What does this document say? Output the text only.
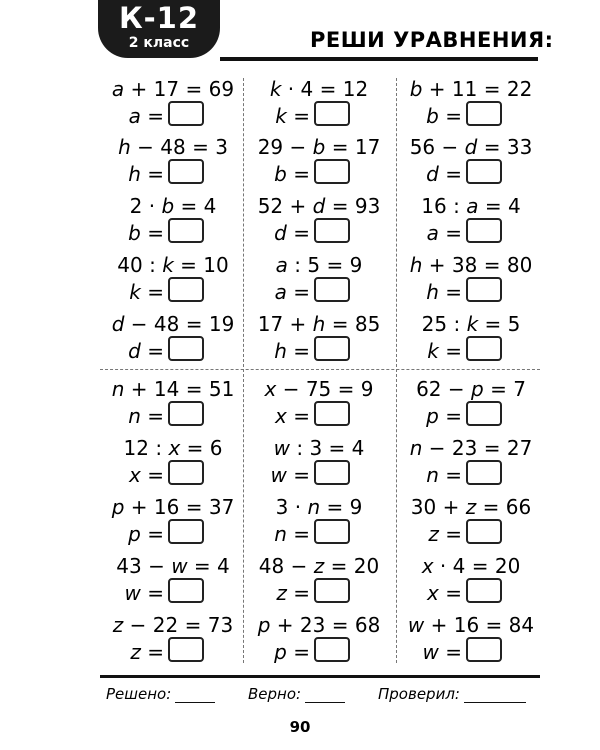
К-12
2 класс	РЕШИ УРАВНЕНИЯ:
a + 17 = 69
a =
h − 48 = 3
h =
2 · b = 4
b =
40 : k = 10
k =
d − 48 = 19
d =
n + 14 = 51
n =
12 : x = 6
x =
p + 16 = 37
p =
43 − w = 4
w =
z − 22 = 73
z =
k · 4 = 12
k =
29 − b = 17
b =
52 + d = 93
d =
a : 5 = 9
a =
17 + h = 85
h =
x − 75 = 9
x =
w : 3 = 4
w =
3 · n = 9
n =
48 − z = 20
z =
p + 23 = 68
p =
b + 11 = 22
b =
56 − d = 33
d =
16 : a = 4
a =
h + 38 = 80
h =
25 : k = 5
k =
62 − p = 7
p =
n − 23 = 27
n =
30 + z = 66
z =
x · 4 = 20
x =
w + 16 = 84
w =
Решено:	Верно:	Проверил:
90
